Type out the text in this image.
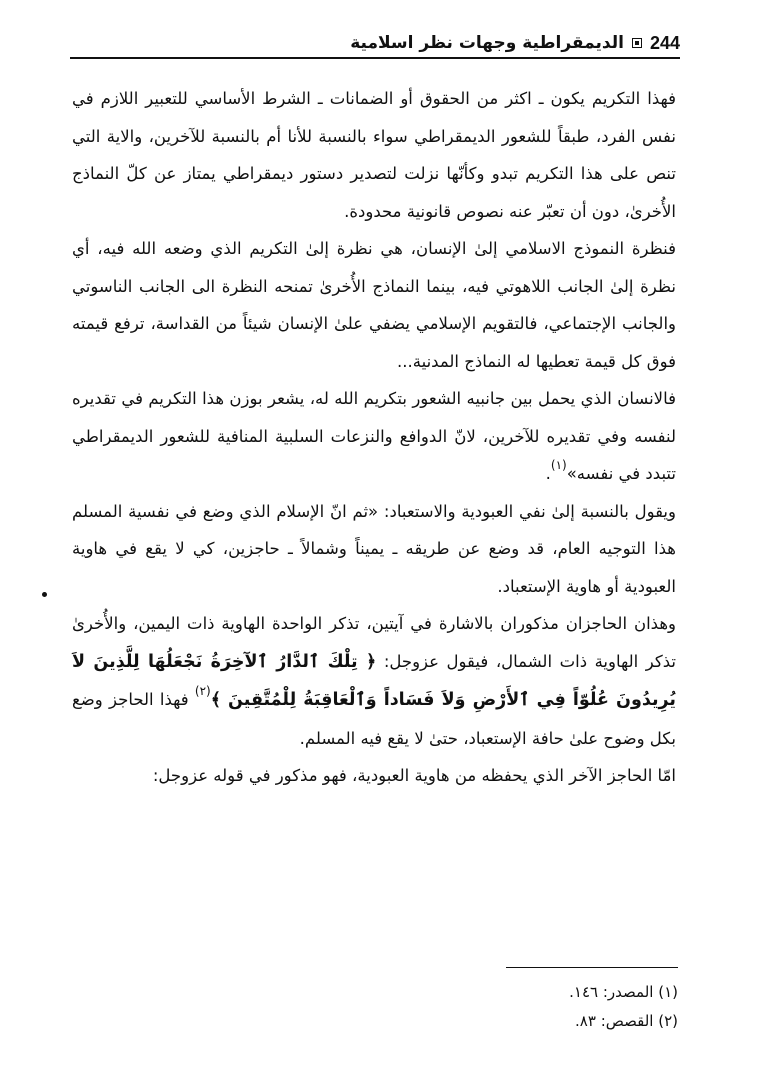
244
الديمقراطية وجهات نظر اسلامية

فهذا التكريم يكون ـ اكثر من الحقوق أو الضمانات ـ الشرط الأساسي للتعبير اللازم في نفس الفرد، طبقاً للشعور الديمقراطي سواء بالنسبة للأنا أم بالنسبة للآخرين، والاية التي تنص على هذا التكريم تبدو وكأنّها نزلت لتصدير دستور ديمقراطي يمتاز عن كلّ النماذج الأُخرىٰ، دون أن تعبّر عنه نصوص قانونية محدودة.

فنظرة النموذج الاسلامي إلىٰ الإنسان، هي نظرة إلىٰ التكريم الذي وضعه الله فيه، أي نظرة إلىٰ الجانب اللاهوتي فيه، بينما النماذج الأُخرىٰ تمنحه النظرة الى الجانب الناسوتي والجانب الإجتماعي، فالتقويم الإسلامي يضفي علىٰ الإنسان شيئاً من القداسة، ترفع قيمته فوق كل قيمة تعطيها له النماذج المدنية...

فالانسان الذي يحمل بين جانبيه الشعور بتكريم الله له، يشعر بوزن هذا التكريم في تقديره لنفسه وفي تقديره للآخرين، لانّ الدوافع والنزعات السلبية المنافية للشعور الديمقراطي تتبدد في نفسه»$^{(١)}$.

ويقول بالنسبة إلىٰ نفي العبودية والاستعباد: «ثم انّ الإسلام الذي وضع في نفسية المسلم هذا التوجيه العام، قد وضع عن طريقه ـ يميناً وشمالاً ـ حاجزين، كي لا يقع في هاوية العبودية أو هاوية الإستعباد.

وهذان الحاجزان مذكوران بالاشارة في آيتين، تذكر الواحدة الهاوية ذات اليمين، والأُخرىٰ تذكر الهاوية ذات الشمال، فيقول عزوجل: ﴿ تِلْكَ ٱلدَّارُ ٱلآخِرَةُ نَجْعَلُهَا لِلَّذِينَ لاَ يُرِيدُونَ عُلُوّاً فِي ٱلأَرْضِ وَلاَ فَسَاداً وَٱلْعَاقِبَةُ لِلْمُتَّقِينَ ﴾$^{(٢)}$ فهذا الحاجز وضع بكل وضوح علىٰ حافة الإستعباد، حتىٰ لا يقع فيه المسلم.

امّا الحاجز الآخر الذي يحفظه من هاوية العبودية، فهو مذكور في قوله عزوجل:

(١) المصدر: ١٤٦.
(٢) القصص: ٨٣.
